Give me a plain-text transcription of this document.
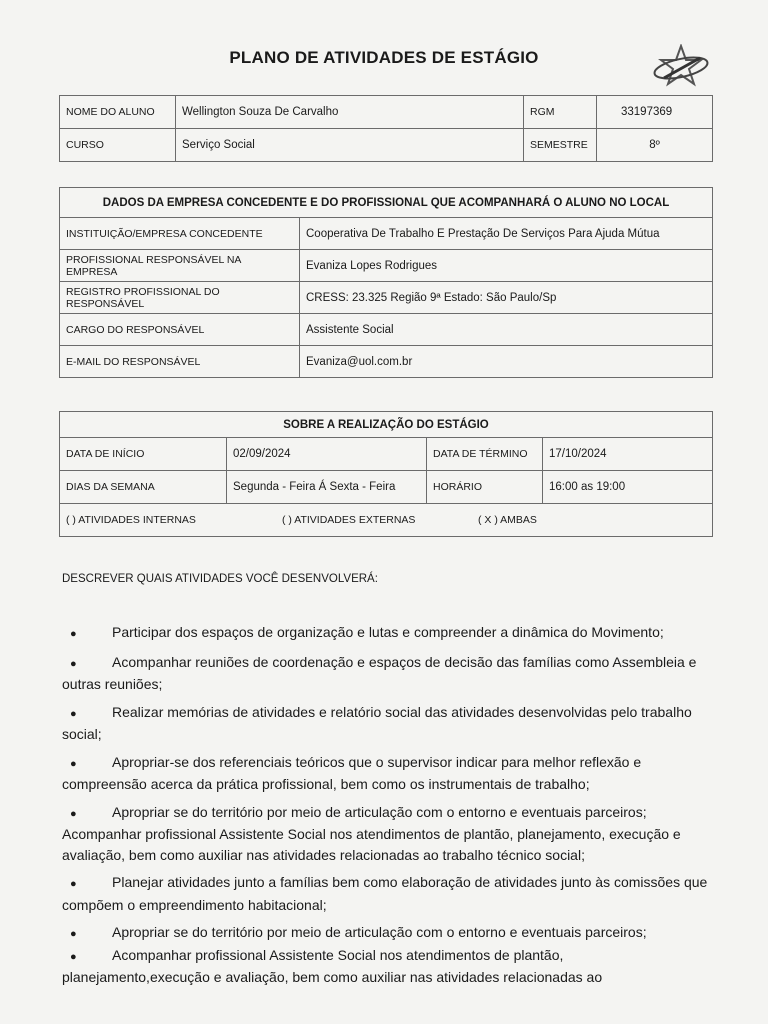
PLANO DE ATIVIDADES DE ESTÁGIO
NOME DO ALUNO	Wellington Souza De Carvalho	RGM	33197369
CURSO	Serviço Social	SEMESTRE	8º
DADOS DA EMPRESA CONCEDENTE E DO PROFISSIONAL QUE ACOMPANHARÁ O ALUNO NO LOCAL	
INSTITUIÇÃO/EMPRESA CONCEDENTE	Cooperativa De Trabalho E Prestação De Serviços Para Ajuda Mútua
PROFISSIONAL RESPONSÁVEL NA EMPRESA	Evaniza Lopes Rodrigues
REGISTRO PROFISSIONAL DO RESPONSÁVEL	CRESS: 23.325 Região 9ª Estado: São Paulo/Sp
CARGO DO RESPONSÁVEL	Assistente Social
E-MAIL DO RESPONSÁVEL	Evaniza@uol.com.br
SOBRE A REALIZAÇÃO DO ESTÁGIO			
DATA DE INÍCIO	02/09/2024	DATA DE TÉRMINO	17/10/2024
DIAS DA SEMANA	Segunda - Feira Á Sexta - Feira	HORÁRIO	16:00 as 19:00

( ) ATIVIDADES INTERNAS ( ) ATIVIDADES EXTERNAS ( X ) AMBAS			
DESCREVER QUAIS ATIVIDADES VOCÊ DESENVOLVERÁ:
●	Participar dos espaços de organização e lutas e compreender a dinâmica do Movimento;
●	Acompanhar reuniões de coordenação e espaços de decisão das famílias como Assembleia e outras reuniões;
●	Realizar memórias de atividades e relatório social das atividades desenvolvidas pelo trabalho social;
●	Apropriar-se dos referenciais teóricos que o supervisor indicar para melhor reflexão e compreensão acerca da prática profissional, bem como os instrumentais de trabalho;
●	Apropriar se do território por meio de articulação com o entorno e eventuais parceiros; Acompanhar profissional Assistente Social nos atendimentos de plantão, planejamento, execução e avaliação, bem como auxiliar nas atividades relacionadas ao trabalho técnico social;
●	Planejar atividades junto a famílias bem como elaboração de atividades junto às comissões que compõem o empreendimento habitacional;
●	Apropriar se do território por meio de articulação com o entorno e eventuais parceiros;
●	Acompanhar profissional Assistente Social nos atendimentos de plantão, planejamento,execução e avaliação, bem como auxiliar nas atividades relacionadas ao
